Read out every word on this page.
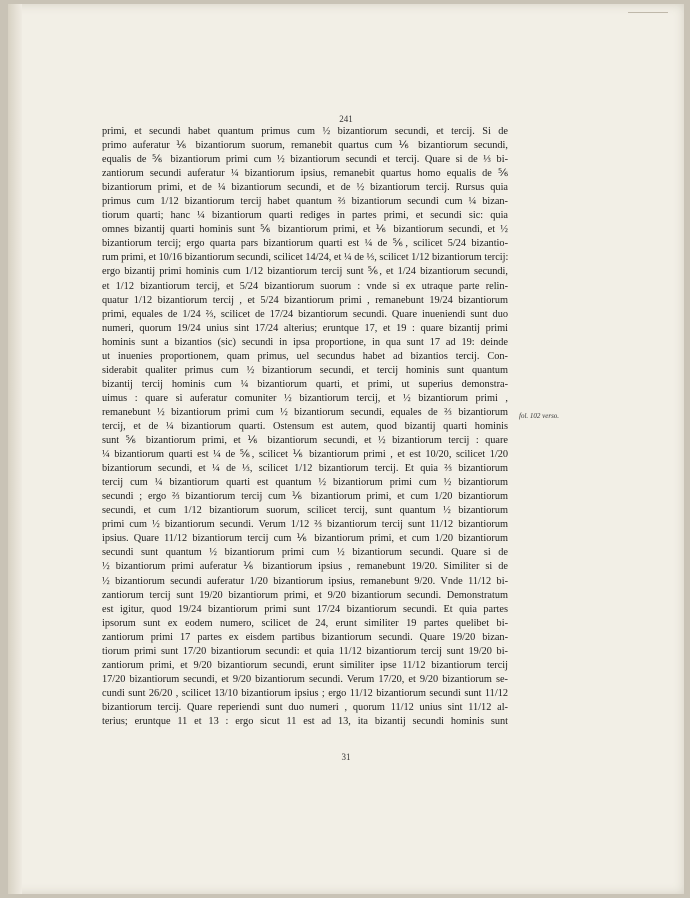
241
primi, et secundi habet quantum primus cum ½ bizantiorum secundi, et tercij. Si de
primo auferatur ⅙ bizantiorum suorum, remanebit quartus cum ⅙ bizantiorum secundi,
equalis de ⅚ bizantiorum primi cum ½ bizantiorum secundi et tercij. Quare si de ⅓ bi-
zantiorum secundi auferatur ¼ bizantiorum ipsius, remanebit quartus homo equalis de ⅚
bizantiorum primi, et de ¼ bizantiorum secundi, et de ½ bizantiorum tercij. Rursus quia
primus cum 1/12 bizantiorum tercij habet quantum ⅔ bizantiorum secundi cum ¼ bizan-
tiorum quarti; hanc ¼ bizantiorum quarti rediges in partes primi, et secundi sic: quia
omnes bizantij quarti hominis sunt ⅚ bizantiorum primi, et ⅙ bizantiorum secundi, et ½
bizantiorum tercij; ergo quarta pars bizantiorum quarti est ¼ de ⅚, scilicet 5/24 bizantio-
rum primi, et 10/16 bizantiorum secundi, scilicet 14/24, et ¼ de ⅓, scilicet 1/12 bizantiorum tercij:
ergo bizantij primi hominis cum 1/12 bizantiorum tercij sunt ⅚, et 1/24 bizantiorum secundi,
et 1/12 bizantiorum tercij, et 5/24 bizantiorum suorum : vnde si ex utraque parte relin-
quatur 1/12 bizantiorum tercij , et 5/24 bizantiorum primi , remanebunt 19/24 bizantiorum
primi, equales de 1/24 ⅔, scilicet de 17/24 bizantiorum secundi. Quare inueniendi sunt duo
numeri, quorum 19/24 unius sint 17/24 alterius; eruntque 17, et 19 : quare bizantij primi
hominis sunt a bizantios (sic) secundi in ipsa proportione, in qua sunt 17 ad 19: deinde
ut inuenies proportionem, quam primus, uel secundus habet ad bizantios tercij. Con-
siderabit qualiter primus cum ½ bizantiorum secundi, et tercij hominis sunt quantum
bizantij tercij hominis cum ¼ bizantiorum quarti, et primi, ut superius demonstra-
uimus : quare si auferatur comuniter ½ bizantiorum tercij, et ½ bizantiorum primi ,
remanebunt ½ bizantiorum primi cum ½ bizantiorum secundi, equales de ⅔ bizantiorum
tercij, et de ¼ bizantiorum quarti. Ostensum est autem, quod bizantij quarti hominis
sunt ⅚ bizantiorum primi, et ⅙ bizantiorum secundi, et ½ bizantiorum tercij : quare
¼ bizantiorum quarti est ¼ de ⅚, scilicet ⅙ bizantiorum primi , et est 10/20, scilicet 1/20
bizantiorum secundi, et ¼ de ⅓, scilicet 1/12 bizantiorum tercij. Et quia ⅔ bizantiorum
tercij cum ¼ bizantiorum quarti est quantum ½ bizantiorum primi cum ½ bizantiorum
secundi ; ergo ⅔ bizantiorum tercij cum ⅙ bizantiorum primi, et cum 1/20 bizantiorum
secundi, et cum 1/12 bizantiorum suorum, scilicet tercij, sunt quantum ½ bizantiorum
primi cum ½ bizantiorum secundi. Verum 1/12 ⅔ bizantiorum tercij sunt 11/12 bizantiorum
ipsius. Quare 11/12 bizantiorum tercij cum ⅙ bizantiorum primi, et cum 1/20 bizantiorum
secundi sunt quantum ½ bizantiorum primi cum ½ bizantiorum secundi. Quare si de
½ bizantiorum primi auferatur ⅙ bizantiorum ipsius , remanebunt 19/20. Similiter si de
½ bizantiorum secundi auferatur 1/20 bizantiorum ipsius, remanebunt 9/20. Vnde 11/12 bi-
zantiorum tercij sunt 19/20 bizantiorum primi, et 9/20 bizantiorum secundi. Demonstratum
est igitur, quod 19/24 bizantiorum primi sunt 17/24 bizantiorum secundi. Et quia partes
ipsorum sunt ex eodem numero, scilicet de 24, erunt similiter 19 partes quelibet bi-
zantiorum primi 17 partes ex eisdem partibus bizantiorum secundi. Quare 19/20 bizan-
tiorum primi sunt 17/20 bizantiorum secundi: et quia 11/12 bizantiorum tercij sunt 19/20 bi-
zantiorum primi, et 9/20 bizantiorum secundi, erunt similiter ipse 11/12 bizantiorum tercij
17/20 bizantiorum secundi, et 9/20 bizantiorum secundi. Verum 17/20, et 9/20 bizantiorum se-
cundi sunt 26/20 , scilicet 13/10 bizantiorum ipsius ; ergo 11/12 bizantiorum secundi sunt 11/12
bizantiorum tercij. Quare reperiendi sunt duo numeri , quorum 11/12 unius sint 11/12 al-
terius; eruntque 11 et 13 : ergo sicut 11 est ad 13, ita bizantij secundi hominis sunt
fol. 102 verso.
31
